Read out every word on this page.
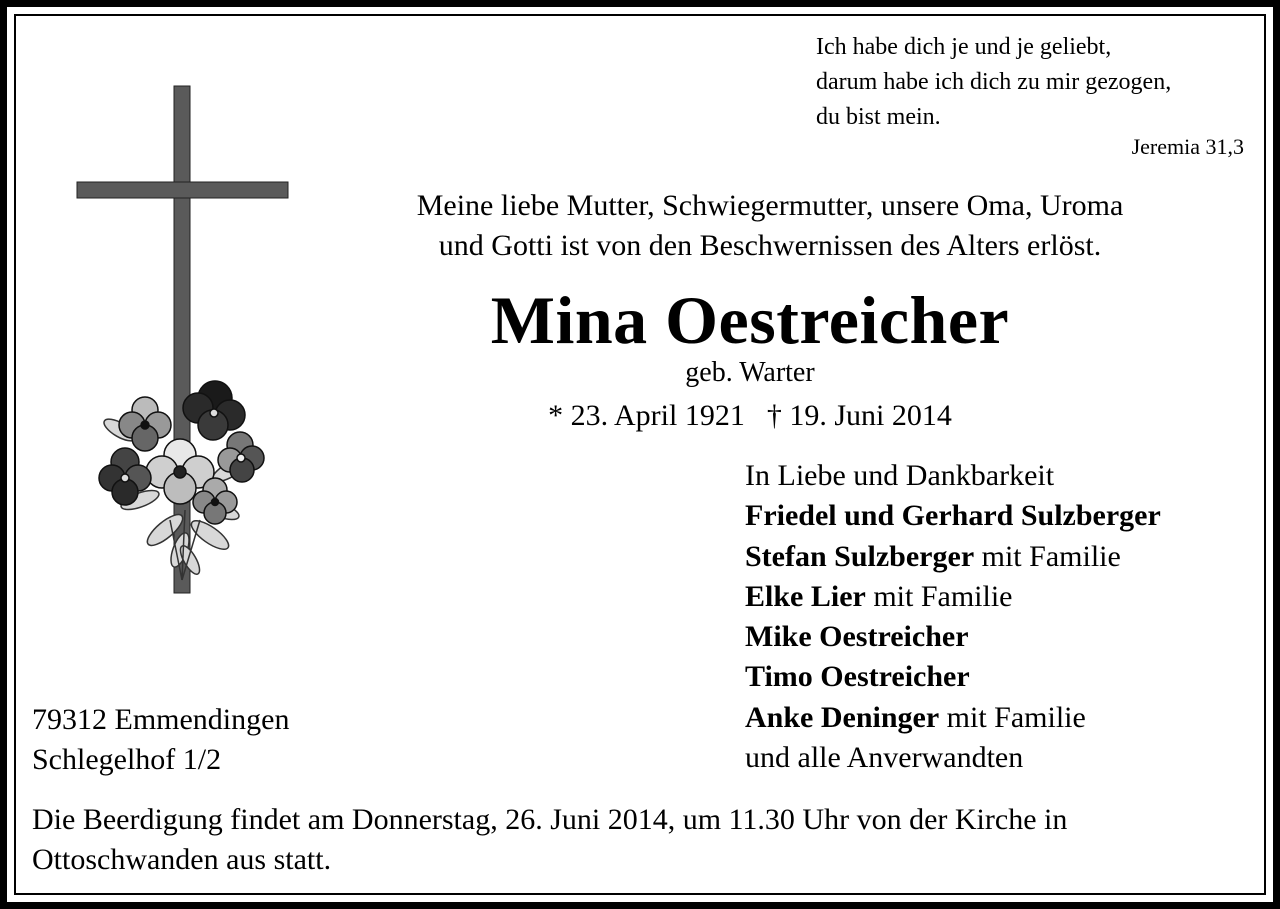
Ich habe dich je und je geliebt,
darum habe ich dich zu mir gezogen,
du bist mein.
Jeremia 31,3
Meine liebe Mutter, Schwiegermutter, unsere Oma, Uroma
und Gotti ist von den Beschwernissen des Alters erlöst.
Mina Oestreicher
geb. Warter
* 23. April 1921 † 19. Juni 2014
In Liebe und Dankbarkeit
Friedel und Gerhard Sulzberger
Stefan Sulzberger mit Familie
Elke Lier mit Familie
Mike Oestreicher
Timo Oestreicher
Anke Deninger mit Familie
und alle Anverwandten
79312 Emmendingen
Schlegelhof 1/2
Die Beerdigung findet am Donnerstag, 26. Juni 2014, um 11.30 Uhr von der Kirche in
Ottoschwanden aus statt.
